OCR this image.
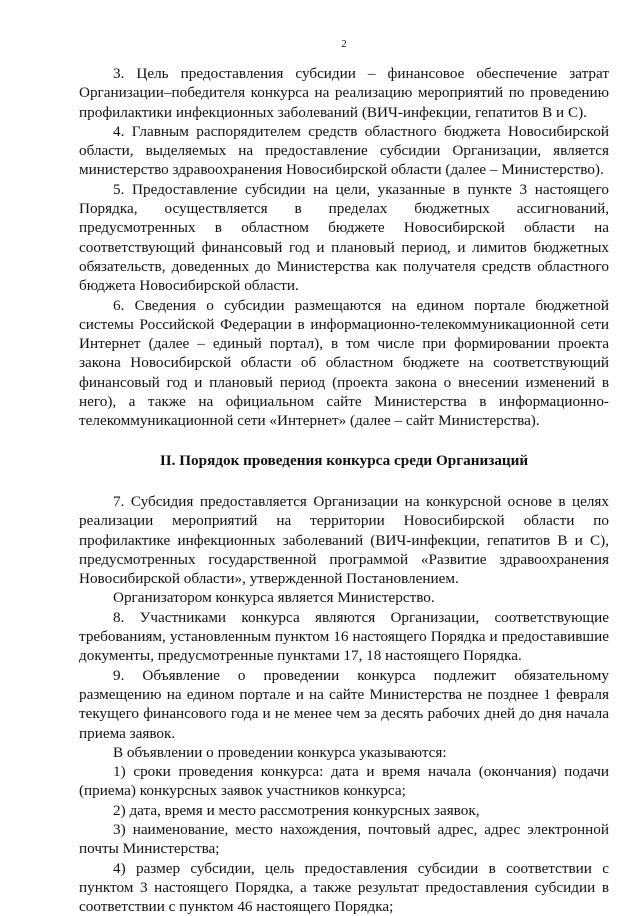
2

3. Цель предоставления субсидии – финансовое обеспечение затрат Организации–победителя конкурса на реализацию мероприятий по проведению профилактики инфекционных заболеваний (ВИЧ-инфекции, гепатитов В и С).

4. Главным распорядителем средств областного бюджета Новосибирской области, выделяемых на предоставление субсидии Организации, является министерство здравоохранения Новосибирской области (далее – Министерство).

5. Предоставление субсидии на цели, указанные в пункте 3 настоящего Порядка, осуществляется в пределах бюджетных ассигнований, предусмотренных в областном бюджете Новосибирской области на соответствующий финансовый год и плановый период, и лимитов бюджетных обязательств, доведенных до Министерства как получателя средств областного бюджета Новосибирской области.

6. Сведения о субсидии размещаются на едином портале бюджетной системы Российской Федерации в информационно-телекоммуникационной сети Интернет (далее – единый портал), в том числе при формировании проекта закона Новосибирской области об областном бюджете на соответствующий финансовый год и плановый период (проекта закона о внесении изменений в него), а также на официальном сайте Министерства в информационно-телекоммуникационной сети «Интернет» (далее – сайт Министерства).

II. Порядок проведения конкурса среди Организаций

7. Субсидия предоставляется Организации на конкурсной основе в целях реализации мероприятий на территории Новосибирской области по профилактике инфекционных заболеваний (ВИЧ-инфекции, гепатитов В и С), предусмотренных государственной программой «Развитие здравоохранения Новосибирской области», утвержденной Постановлением.

Организатором конкурса является Министерство.

8. Участниками конкурса являются Организации, соответствующие требованиям, установленным пунктом 16 настоящего Порядка и предоставившие документы, предусмотренные пунктами 17, 18 настоящего Порядка.

9. Объявление о проведении конкурса подлежит обязательному размещению на едином портале и на сайте Министерства не позднее 1 февраля текущего финансового года и не менее чем за десять рабочих дней до дня начала приема заявок.

В объявлении о проведении конкурса указываются:

1) сроки проведения конкурса: дата и время начала (окончания) подачи (приема) конкурсных заявок участников конкурса;

2) дата, время и место рассмотрения конкурсных заявок,

3) наименование, место нахождения, почтовый адрес, адрес электронной почты Министерства;

4) размер субсидии, цель предоставления субсидии в соответствии с пунктом 3 настоящего Порядка, а также результат предоставления субсидии в соответствии с пунктом 46 настоящего Порядка;
